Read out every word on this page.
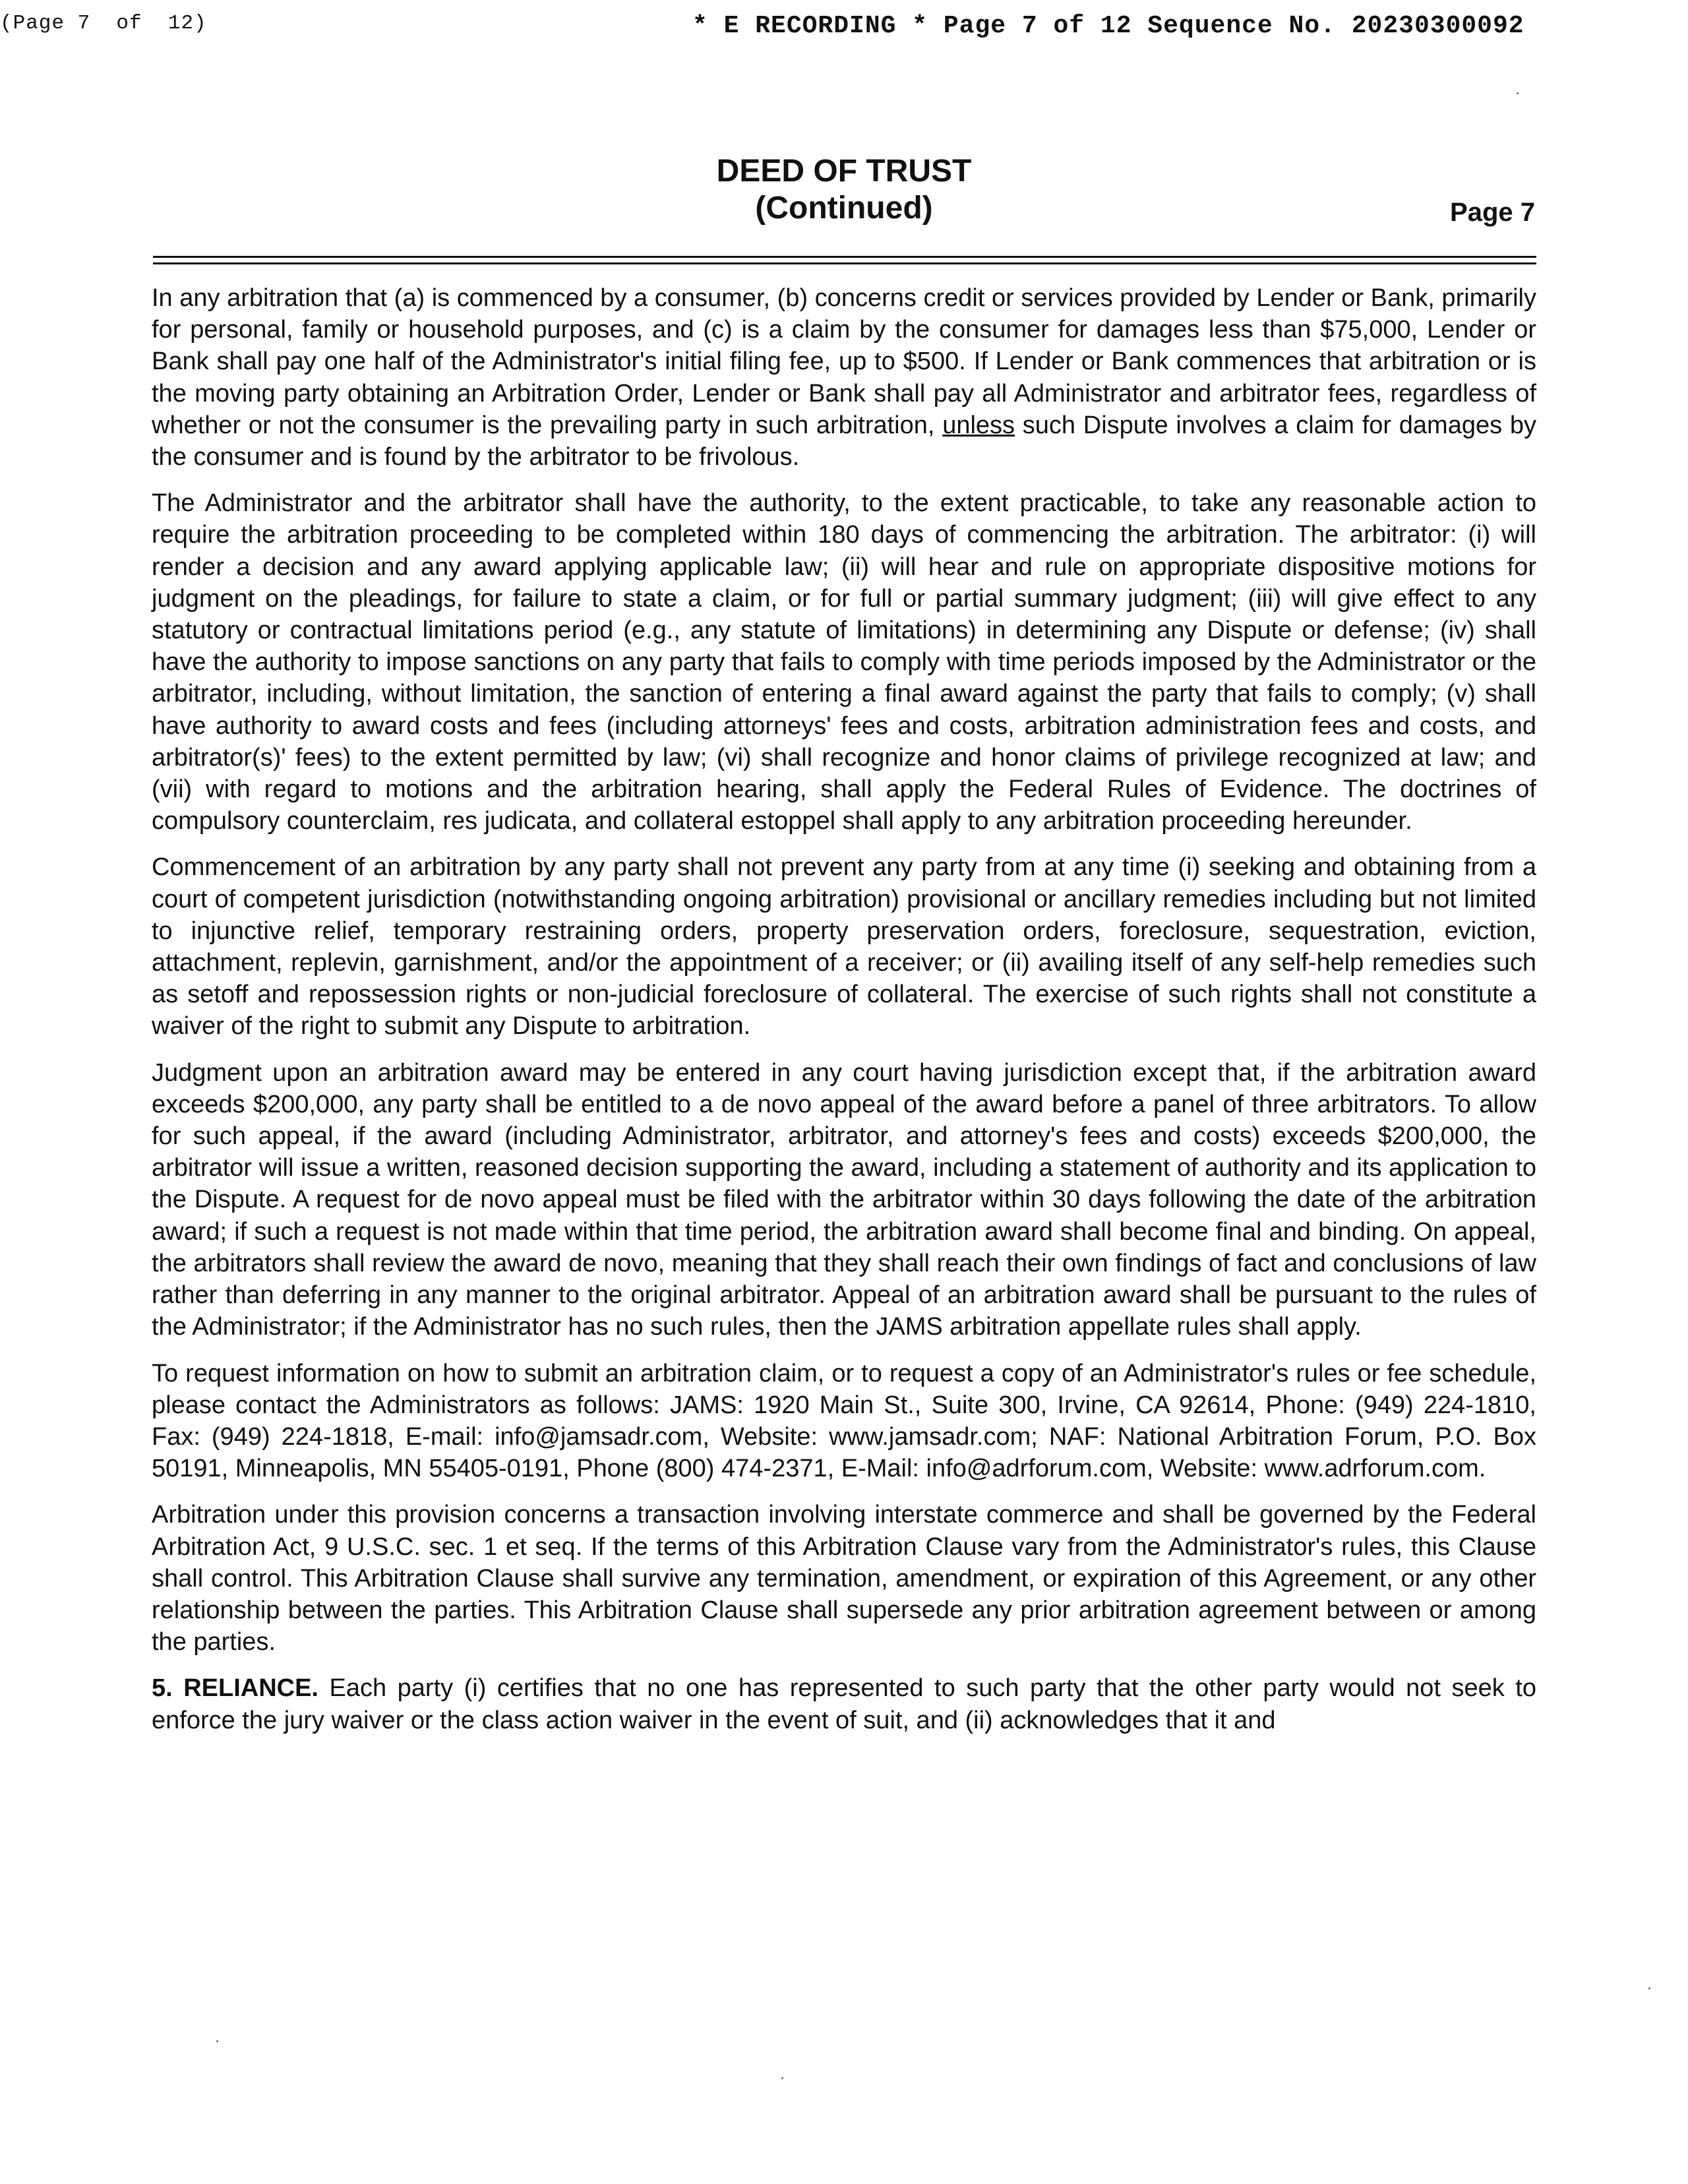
(Page 7  of  12)	* E RECORDING * Page 7 of 12 Sequence No. 20230300092
DEED OF TRUST
(Continued)	Page 7

In any arbitration that (a) is commenced by a consumer, (b) concerns credit or services provided by Lender or Bank, primarily for personal, family or household purposes, and (c) is a claim by the consumer for damages less than $75,000, Lender or Bank shall pay one half of the Administrator's initial filing fee, up to $500. If Lender or Bank commences that arbitration or is the moving party obtaining an Arbitration Order, Lender or Bank shall pay all Administrator and arbitrator fees, regardless of whether or not the consumer is the prevailing party in such arbitration, unless such Dispute involves a claim for damages by the consumer and is found by the arbitrator to be frivolous.

The Administrator and the arbitrator shall have the authority, to the extent practicable, to take any reasonable action to require the arbitration proceeding to be completed within 180 days of commencing the arbitration. The arbitrator: (i) will render a decision and any award applying applicable law; (ii) will hear and rule on appropriate dispositive motions for judgment on the pleadings, for failure to state a claim, or for full or partial summary judgment; (iii) will give effect to any statutory or contractual limitations period (e.g., any statute of limitations) in determining any Dispute or defense; (iv) shall have the authority to impose sanctions on any party that fails to comply with time periods imposed by the Administrator or the arbitrator, including, without limitation, the sanction of entering a final award against the party that fails to comply; (v) shall have authority to award costs and fees (including attorneys' fees and costs, arbitration administration fees and costs, and arbitrator(s)' fees) to the extent permitted by law; (vi) shall recognize and honor claims of privilege recognized at law; and (vii) with regard to motions and the arbitration hearing, shall apply the Federal Rules of Evidence. The doctrines of compulsory counterclaim, res judicata, and collateral estoppel shall apply to any arbitration proceeding hereunder.

Commencement of an arbitration by any party shall not prevent any party from at any time (i) seeking and obtaining from a court of competent jurisdiction (notwithstanding ongoing arbitration) provisional or ancillary remedies including but not limited to injunctive relief, temporary restraining orders, property preservation orders, foreclosure, sequestration, eviction, attachment, replevin, garnishment, and/or the appointment of a receiver; or (ii) availing itself of any self-help remedies such as setoff and repossession rights or non-judicial foreclosure of collateral. The exercise of such rights shall not constitute a waiver of the right to submit any Dispute to arbitration.

Judgment upon an arbitration award may be entered in any court having jurisdiction except that, if the arbitration award exceeds $200,000, any party shall be entitled to a de novo appeal of the award before a panel of three arbitrators. To allow for such appeal, if the award (including Administrator, arbitrator, and attorney's fees and costs) exceeds $200,000, the arbitrator will issue a written, reasoned decision supporting the award, including a statement of authority and its application to the Dispute. A request for de novo appeal must be filed with the arbitrator within 30 days following the date of the arbitration award; if such a request is not made within that time period, the arbitration award shall become final and binding. On appeal, the arbitrators shall review the award de novo, meaning that they shall reach their own findings of fact and conclusions of law rather than deferring in any manner to the original arbitrator. Appeal of an arbitration award shall be pursuant to the rules of the Administrator; if the Administrator has no such rules, then the JAMS arbitration appellate rules shall apply.

To request information on how to submit an arbitration claim, or to request a copy of an Administrator's rules or fee schedule, please contact the Administrators as follows: JAMS: 1920 Main St., Suite 300, Irvine, CA 92614, Phone: (949) 224-1810, Fax: (949) 224-1818, E-mail: info@jamsadr.com, Website: www.jamsadr.com; NAF: National Arbitration Forum, P.O. Box 50191, Minneapolis, MN 55405-0191, Phone (800) 474-2371, E-Mail: info@adrforum.com, Website: www.adrforum.com.

Arbitration under this provision concerns a transaction involving interstate commerce and shall be governed by the Federal Arbitration Act, 9 U.S.C. sec. 1 et seq. If the terms of this Arbitration Clause vary from the Administrator's rules, this Clause shall control. This Arbitration Clause shall survive any termination, amendment, or expiration of this Agreement, or any other relationship between the parties. This Arbitration Clause shall supersede any prior arbitration agreement between or among the parties.

5. RELIANCE. Each party (i) certifies that no one has represented to such party that the other party would not seek to enforce the jury waiver or the class action waiver in the event of suit, and (ii) acknowledges that it and
